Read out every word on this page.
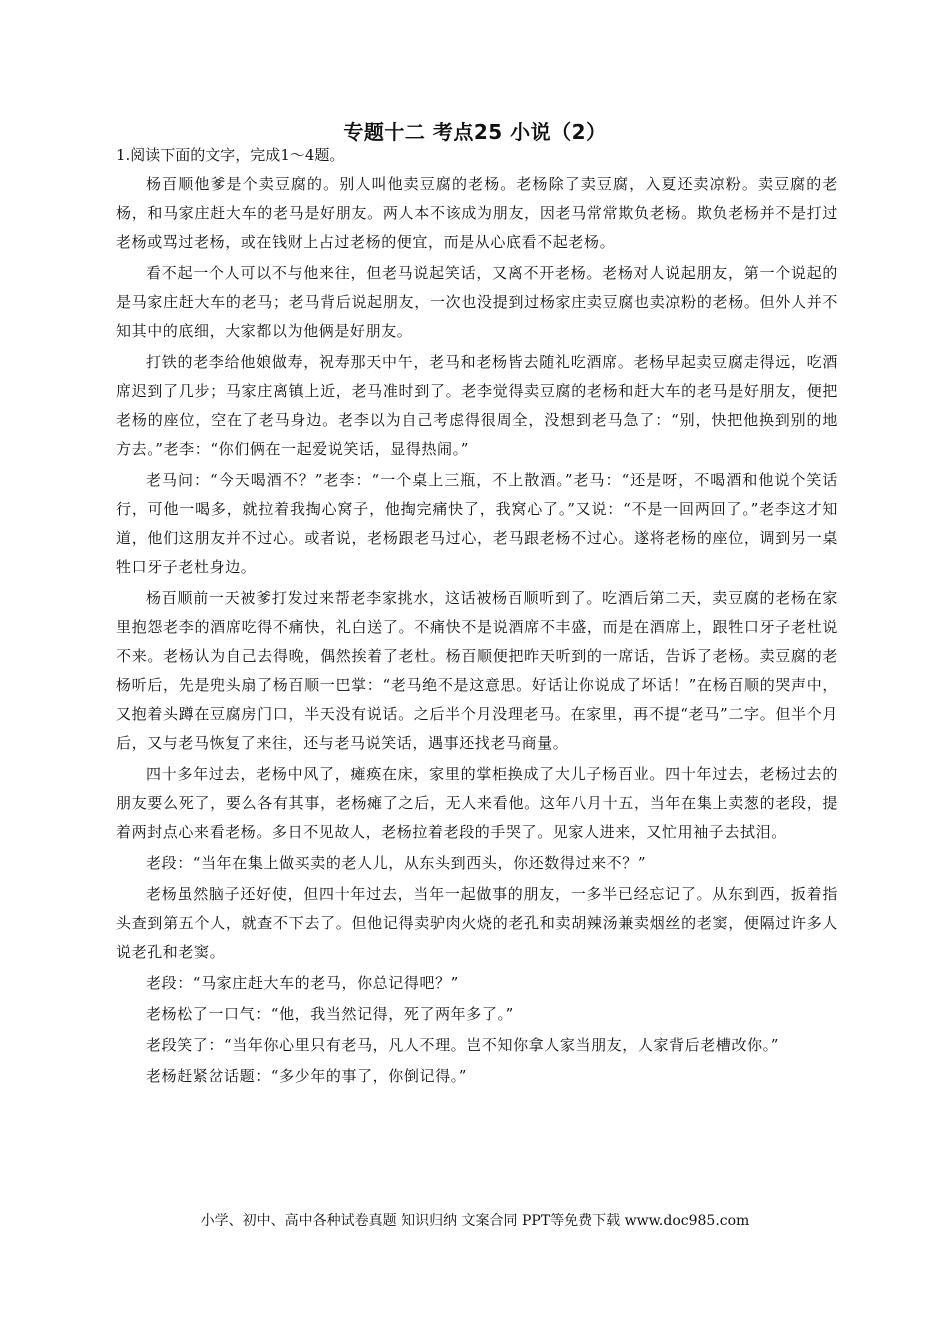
专题十二 考点25 小说（2）
1.阅读下面的文字，完成1～4题。

杨百顺他爹是个卖豆腐的。别人叫他卖豆腐的老杨。老杨除了卖豆腐，入夏还卖凉粉。卖豆腐的老杨，和马家庄赶大车的老马是好朋友。两人本不该成为朋友，因老马常常欺负老杨。欺负老杨并不是打过老杨或骂过老杨，或在钱财上占过老杨的便宜，而是从心底看不起老杨。

看不起一个人可以不与他来往，但老马说起笑话，又离不开老杨。老杨对人说起朋友，第一个说起的是马家庄赶大车的老马；老马背后说起朋友，一次也没提到过杨家庄卖豆腐也卖凉粉的老杨。但外人并不知其中的底细，大家都以为他俩是好朋友。

打铁的老李给他娘做寿，祝寿那天中午，老马和老杨皆去随礼吃酒席。老杨早起卖豆腐走得远，吃酒席迟到了几步；马家庄离镇上近，老马准时到了。老李觉得卖豆腐的老杨和赶大车的老马是好朋友，便把老杨的座位，空在了老马身边。老李以为自己考虑得很周全，没想到老马急了：“别，快把他换到别的地方去。”老李：“你们俩在一起爱说笑话，显得热闹。”

老马问：“今天喝酒不？”老李：“一个桌上三瓶，不上散酒。”老马：“还是呀，不喝酒和他说个笑话行，可他一喝多，就拉着我掏心窝子，他掏完痛快了，我窝心了。”又说：“不是一回两回了。”老李这才知道，他们这朋友并不过心。或者说，老杨跟老马过心，老马跟老杨不过心。遂将老杨的座位，调到另一桌牲口牙子老杜身边。

杨百顺前一天被爹打发过来帮老李家挑水，这话被杨百顺听到了。吃酒后第二天，卖豆腐的老杨在家里抱怨老李的酒席吃得不痛快，礼白送了。不痛快不是说酒席不丰盛，而是在酒席上，跟牲口牙子老杜说不来。老杨认为自己去得晚，偶然挨着了老杜。杨百顺便把昨天听到的一席话，告诉了老杨。卖豆腐的老杨听后，先是兜头扇了杨百顺一巴掌：“老马绝不是这意思。好话让你说成了坏话！”在杨百顺的哭声中，又抱着头蹲在豆腐房门口，半天没有说话。之后半个月没理老马。在家里，再不提“老马”二字。但半个月后，又与老马恢复了来往，还与老马说笑话，遇事还找老马商量。

四十多年过去，老杨中风了，瘫痪在床，家里的掌柜换成了大儿子杨百业。四十年过去，老杨过去的朋友要么死了，要么各有其事，老杨瘫了之后，无人来看他。这年八月十五，当年在集上卖葱的老段，提着两封点心来看老杨。多日不见故人，老杨拉着老段的手哭了。见家人进来，又忙用袖子去拭泪。

老段：“当年在集上做买卖的老人儿，从东头到西头，你还数得过来不？”

老杨虽然脑子还好使，但四十年过去，当年一起做事的朋友，一多半已经忘记了。从东到西，扳着指头查到第五个人，就查不下去了。但他记得卖驴肉火烧的老孔和卖胡辣汤兼卖烟丝的老窦，便隔过许多人说老孔和老窦。

老段：“马家庄赶大车的老马，你总记得吧？”

老杨松了一口气：“他，我当然记得，死了两年多了。”

老段笑了：“当年你心里只有老马，凡人不理。岂不知你拿人家当朋友，人家背后老槽改你。”

老杨赶紧岔话题：“多少年的事了，你倒记得。”

小学、初中、高中各种试卷真题 知识归纳 文案合同 PPT等免费下载 www.doc985.com
